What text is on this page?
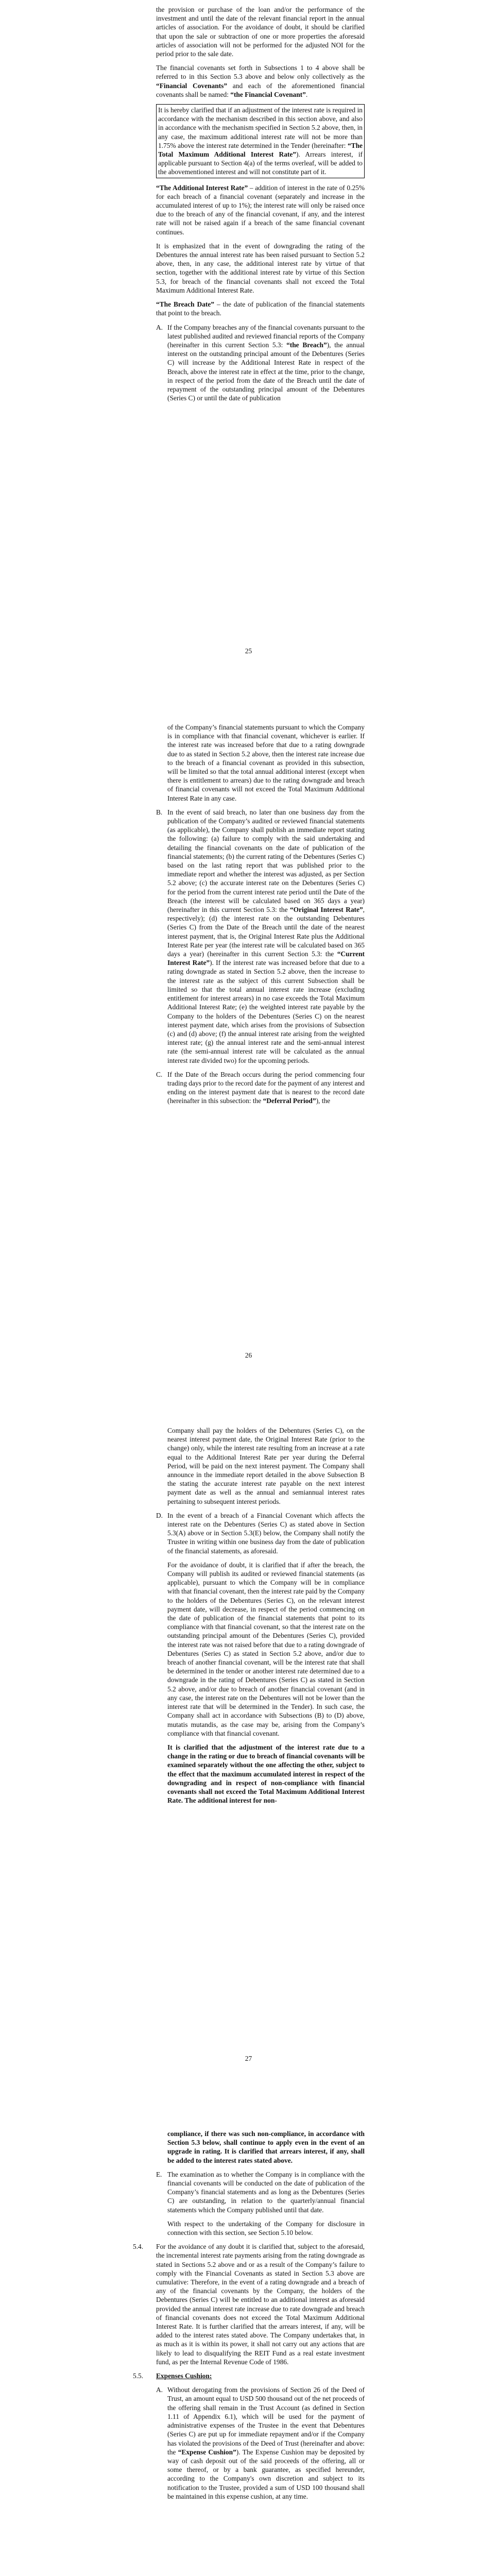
the provision or purchase of the loan and/or the performance of the investment and until the date of the relevant financial report in the annual articles of association. For the avoidance of doubt, it should be clarified that upon the sale or subtraction of one or more properties the aforesaid articles of association will not be performed for the adjusted NOI for the period prior to the sale date.

The financial covenants set forth in Subsections 1 to 4 above shall be referred to in this Section 5.3 above and below only collectively as the “Financial Covenants” and each of the aforementioned financial covenants shall be named: “the Financial Covenant”.

It is hereby clarified that if an adjustment of the interest rate is required in accordance with the mechanism described in this section above, and also in accordance with the mechanism specified in Section 5.2 above, then, in any case, the maximum additional interest rate will not be more than 1.75% above the interest rate determined in the Tender (hereinafter: “The Total Maximum Additional Interest Rate”). Arrears interest, if applicable pursuant to Section 4(a) of the terms overleaf, will be added to the abovementioned interest and will not constitute part of it.

“The Additional Interest Rate” – addition of interest in the rate of 0.25% for each breach of a financial covenant (separately and increase in the accumulated interest of up to 1%); the interest rate will only be raised once due to the breach of any of the financial covenant, if any, and the interest rate will not be raised again if a breach of the same financial covenant continues.

It is emphasized that in the event of downgrading the rating of the Debentures the annual interest rate has been raised pursuant to Section 5.2 above, then, in any case, the additional interest rate by virtue of that section, together with the additional interest rate by virtue of this Section 5.3, for breach of the financial covenants shall not exceed the Total Maximum Additional Interest Rate.

“The Breach Date” – the date of publication of the financial statements that point to the breach.

A. If the Company breaches any of the financial covenants pursuant to the latest published audited and reviewed financial reports of the Company (hereinafter in this current Section 5.3: “the Breach”), the annual interest on the outstanding principal amount of the Debentures (Series C) will increase by the Additional Interest Rate in respect of the Breach, above the interest rate in effect at the time, prior to the change, in respect of the period from the date of the Breach until the date of repayment of the outstanding principal amount of the Debentures (Series C) or until the date of publication
25

of the Company’s financial statements pursuant to which the Company is in compliance with that financial covenant, whichever is earlier. If the interest rate was increased before that due to a rating downgrade due to as stated in Section 5.2 above, then the interest rate increase due to the breach of a financial covenant as provided in this subsection, will be limited so that the total annual additional interest (except when there is entitlement to arrears) due to the rating downgrade and breach of financial covenants will not exceed the Total Maximum Additional Interest Rate in any case.

B. In the event of said breach, no later than one business day from the publication of the Company’s audited or reviewed financial statements (as applicable), the Company shall publish an immediate report stating the following: (a) failure to comply with the said undertaking and detailing the financial covenants on the date of publication of the financial statements; (b) the current rating of the Debentures (Series C) based on the last rating report that was published prior to the immediate report and whether the interest was adjusted, as per Section 5.2 above; (c) the accurate interest rate on the Debentures (Series C) for the period from the current interest rate period until the Date of the Breach (the interest will be calculated based on 365 days a year) (hereinafter in this current Section 5.3: the “Original Interest Rate”, respectively); (d) the interest rate on the outstanding Debentures (Series C) from the Date of the Breach until the date of the nearest interest payment, that is, the Original Interest Rate plus the Additional Interest Rate per year (the interest rate will be calculated based on 365 days a year) (hereinafter in this current Section 5.3: the “Current Interest Rate”). If the interest rate was increased before that due to a rating downgrade as stated in Section 5.2 above, then the increase to the interest rate as the subject of this current Subsection shall be limited so that the total annual interest rate increase (excluding entitlement for interest arrears) in no case exceeds the Total Maximum Additional Interest Rate; (e) the weighted interest rate payable by the Company to the holders of the Debentures (Series C) on the nearest interest payment date, which arises from the provisions of Subsection (c) and (d) above; (f) the annual interest rate arising from the weighted interest rate; (g) the annual interest rate and the semi-annual interest rate (the semi-annual interest rate will be calculated as the annual interest rate divided two) for the upcoming periods.
C. If the Date of the Breach occurs during the period commencing four trading days prior to the record date for the payment of any interest and ending on the interest payment date that is nearest to the record date (hereinafter in this subsection: the “Deferral Period”), the
26

Company shall pay the holders of the Debentures (Series C), on the nearest interest payment date, the Original Interest Rate (prior to the change) only, while the interest rate resulting from an increase at a rate equal to the Additional Interest Rate per year during the Deferral Period, will be paid on the next interest payment. The Company shall announce in the immediate report detailed in the above Subsection B the stating the accurate interest rate payable on the next interest payment date as well as the annual and semiannual interest rates pertaining to subsequent interest periods.

D. In the event of a breach of a Financial Covenant which affects the interest rate on the Debentures (Series C) as stated above in Section 5.3(A) above or in Section 5.3(E) below, the Company shall notify the Trustee in writing within one business day from the date of publication of the financial statements, as aforesaid.

For the avoidance of doubt, it is clarified that if after the breach, the Company will publish its audited or reviewed financial statements (as applicable), pursuant to which the Company will be in compliance with that financial covenant, then the interest rate paid by the Company to the holders of the Debentures (Series C), on the relevant interest payment date, will decrease, in respect of the period commencing on the date of publication of the financial statements that point to its compliance with that financial covenant, so that the interest rate on the outstanding principal amount of the Debentures (Series C), provided the interest rate was not raised before that due to a rating downgrade of Debentures (Series C) as stated in Section 5.2 above, and/or due to breach of another financial covenant, will be the interest rate that shall be determined in the tender or another interest rate determined due to a downgrade in the rating of Debentures (Series C) as stated in Section 5.2 above, and/or due to breach of another financial covenant (and in any case, the interest rate on the Debentures will not be lower than the interest rate that will be determined in the Tender). In such case, the Company shall act in accordance with Subsections (B) to (D) above, mutatis mutandis, as the case may be, arising from the Company’s compliance with that financial covenant.

It is clarified that the adjustment of the interest rate due to a change in the rating or due to breach of financial covenants will be examined separately without the one affecting the other, subject to the effect that the maximum accumulated interest in respect of the downgrading and in respect of non-compliance with financial covenants shall not exceed the Total Maximum Additional Interest Rate. The additional interest for non-

27

compliance, if there was such non-compliance, in accordance with Section 5.3 below, shall continue to apply even in the event of an upgrade in rating. It is clarified that arrears interest, if any, shall be added to the interest rates stated above.

E. The examination as to whether the Company is in compliance with the financial covenants will be conducted on the date of publication of the Company’s financial statements and as long as the Debentures (Series C) are outstanding, in relation to the quarterly/annual financial statements which the Company published until that date.

With respect to the undertaking of the Company for disclosure in connection with this section, see Section 5.10 below.

5.4. For the avoidance of any doubt it is clarified that, subject to the aforesaid, the incremental interest rate payments arising from the rating downgrade as stated in Sections 5.2 above and or as a result of the Company’s failure to comply with the Financial Covenants as stated in Section 5.3 above are cumulative: Therefore, in the event of a rating downgrade and a breach of any of the financial covenants by the Company, the holders of the Debentures (Series C) will be entitled to an additional interest as aforesaid provided the annual interest rate increase due to rate downgrade and breach of financial covenants does not exceed the Total Maximum Additional Interest Rate. It is further clarified that the arrears interest, if any, will be added to the interest rates stated above. The Company undertakes that, in as much as it is within its power, it shall not carry out any actions that are likely to lead to disqualifying the REIT Fund as a real estate investment fund, as per the Internal Revenue Code of 1986.
5.5. Expenses Cushion:
A. Without derogating from the provisions of Section 26 of the Deed of Trust, an amount equal to USD 500 thousand out of the net proceeds of the offering shall remain in the Trust Account (as defined in Section 1.11 of Appendix 6.1), which will be used for the payment of administrative expenses of the Trustee in the event that Debentures (Series C) are put up for immediate repayment and/or if the Company has violated the provisions of the Deed of Trust (hereinafter and above: the “Expense Cushion”). The Expense Cushion may be deposited by way of cash deposit out of the said proceeds of the offering, all or some thereof, or by a bank guarantee, as specified hereunder, according to the Company's own discretion and subject to its notification to the Trustee, provided a sum of USD 100 thousand shall be maintained in this expense cushion, at any time.
